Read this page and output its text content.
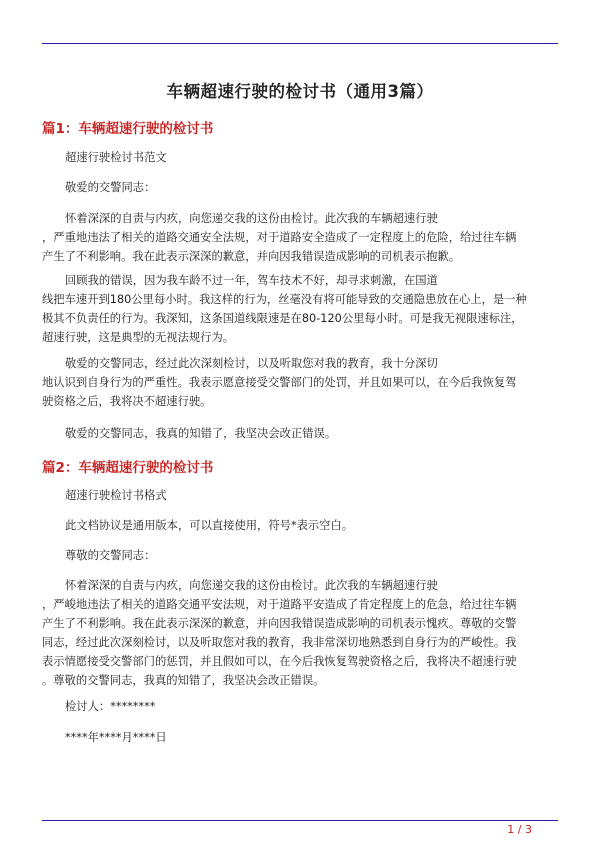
车辆超速行驶的检讨书（通用3篇）
篇1：车辆超速行驶的检讨书

超速行驶检讨书范文

敬爱的交警同志：

怀着深深的自责与内疚，向您递交我的这份由检讨。此次我的车辆超速行驶
，严重地违法了相关的道路交通安全法规，对于道路安全造成了一定程度上的危险，给过往车辆
产生了不利影响。我在此表示深深的歉意，并向因我错误造成影响的司机表示抱歉。

回顾我的错误，因为我车龄不过一年，驾车技术不好，却寻求刺激，在国道
线把车速开到180公里每小时。我这样的行为，丝毫没有将可能导致的交通隐患放在心上，是一种
极其不负责任的行为。我深知，这条国道线限速是在80-120公里每小时。可是我无视限速标注，
超速行驶，这是典型的无视法规行为。

敬爱的交警同志，经过此次深刻检讨，以及听取您对我的教育，我十分深切
地认识到自身行为的严重性。我表示愿意接受交警部门的处罚，并且如果可以，在今后我恢复驾
驶资格之后，我将决不超速行驶。

敬爱的交警同志，我真的知错了，我坚决会改正错误。

篇2：车辆超速行驶的检讨书

超速行驶检讨书格式

此文档协议是通用版本，可以直接使用，符号*表示空白。

尊敬的交警同志：

怀着深深的自责与内疚，向您递交我的这份由检讨。此次我的车辆超速行驶
，严峻地违法了相关的道路交通平安法规，对于道路平安造成了肯定程度上的危急，给过往车辆
产生了不利影响。我在此表示深深的歉意，并向因我错误造成影响的司机表示愧疚。尊敬的交警
同志，经过此次深刻检讨，以及听取您对我的教育，我非常深切地熟悉到自身行为的严峻性。我
表示情愿接受交警部门的惩罚，并且假如可以，在今后我恢复驾驶资格之后，我将决不超速行驶
。尊敬的交警同志，我真的知错了，我坚决会改正错误。

检讨人：********

****年****月****日

1 / 3
